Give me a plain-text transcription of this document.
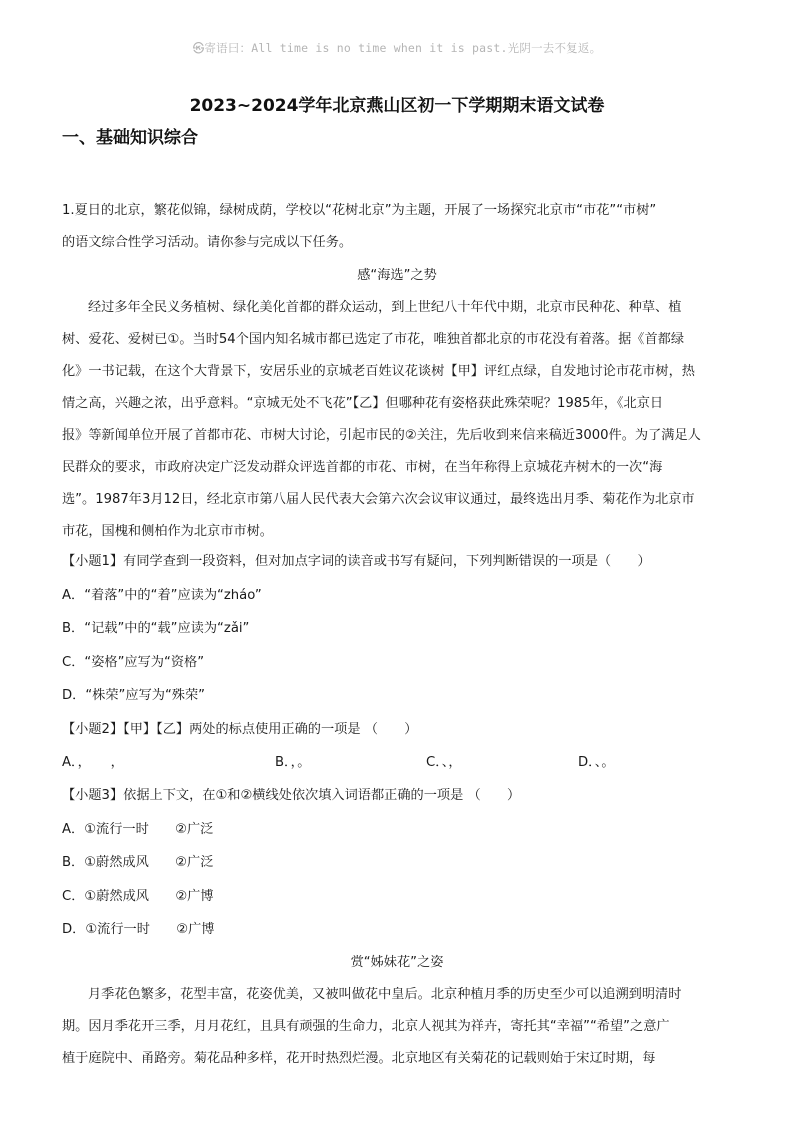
㉿寄语曰：All time is no time when it is past.光阴一去不复返。
2023~2024学年北京燕山区初一下学期期末语文试卷
一、基础知识综合
1.夏日的北京，繁花似锦，绿树成荫，学校以“花树北京”为主题，开展了一场探究北京市“市花”“市树”
的语文综合性学习活动。请你参与完成以下任务。
感“海选”之势
经过多年全民义务植树、绿化美化首都的群众运动，到上世纪八十年代中期，北京市民种花、种草、植
树、爱花、爱树已①。当时54个国内知名城市都已选定了市花，唯独首都北京的市花没有着落。据《首都绿
化》一书记载，在这个大背景下，安居乐业的京城老百姓议花谈树【甲】评红点绿，自发地讨论市花市树，热
情之高，兴趣之浓，出乎意料。“京城无处不飞花”【乙】但哪种花有姿格获此殊荣呢？1985年，《北京日
报》等新闻单位开展了首都市花、市树大讨论，引起市民的②关注，先后收到来信来稿近3000件。为了满足人
民群众的要求，市政府决定广泛发动群众评选首都的市花、市树，在当年称得上京城花卉树木的一次“海
选”。1987年3月12日，经北京市第八届人民代表大会第六次会议审议通过，最终选出月季、菊花作为北京市
市花，国槐和侧柏作为北京市市树。
【小题1】有同学查到一段资料，但对加点字词的读音或书写有疑问，下列判断错误的一项是（　　）
A．“着落”中的“着”应读为“zháo”
B．“记载”中的“载”应读为“zǎi”
C．“姿格”应写为“资格”
D．“株荣”应写为“殊荣”
【小题2】【甲】【乙】两处的标点使用正确的一项是 （　　）
A．，　　，	B．，。	C．、，	D．、。
【小题3】依据上下文，在①和②横线处依次填入词语都正确的一项是 （　　）
A．①流行一时　　②广泛
B．①蔚然成风　　②广泛
C．①蔚然成风　　②广博
D．①流行一时　　②广博
赏“姊妹花”之姿
月季花色繁多，花型丰富，花姿优美，又被叫做花中皇后。北京种植月季的历史至少可以追溯到明清时
期。因月季花开三季，月月花红，且具有顽强的生命力，北京人视其为祥卉，寄托其“幸福”“希望”之意广
植于庭院中、甬路旁。菊花品种多样，花开时热烈烂漫。北京地区有关菊花的记载则始于宋辽时期，每
